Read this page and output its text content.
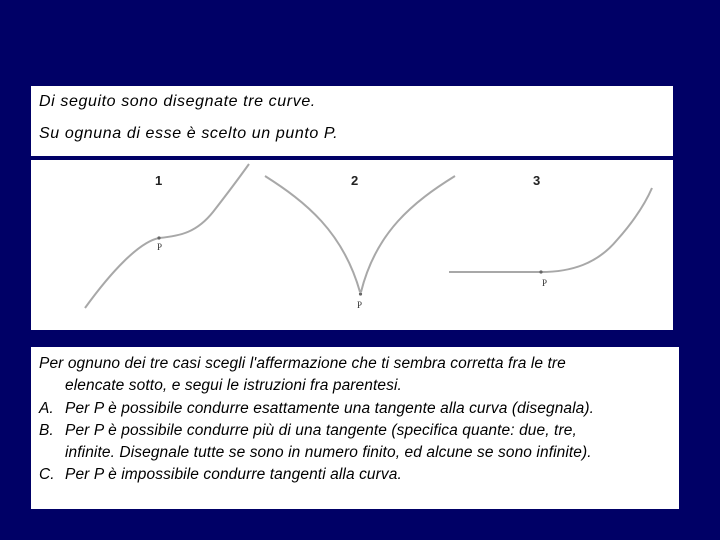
Di seguito sono disegnate tre curve.
Su ognuna di esse è scelto un punto P.
1
P
2
P
3
P
Per ognuno dei tre casi scegli l'affermazione che ti sembra corretta fra le tre
elencate sotto, e segui le istruzioni fra parentesi.
A. Per P è possibile condurre esattamente una tangente alla curva (disegnala).
B. Per P è possibile condurre più di una tangente (specifica quante: due, tre,
infinite. Disegnale tutte se sono in numero finito, ed alcune se sono infinite).
C. Per P è impossibile condurre tangenti alla curva.
